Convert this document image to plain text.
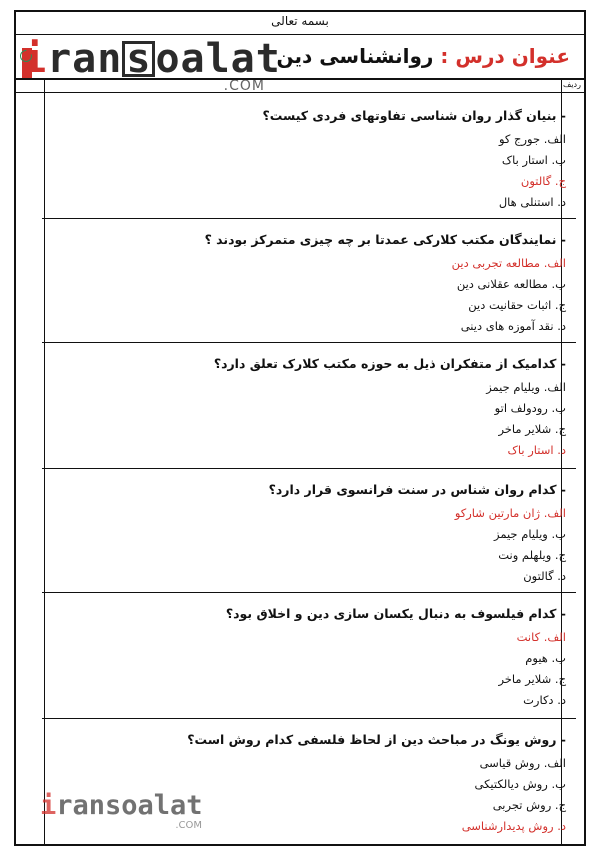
بسمه تعالی
iran s oalat
.COM
عنوان درس : روانشناسی دین
ردیف
- بنیان گذار روان شناسی تفاوتهای فردی کیست؟
الف. جورج کو
ب. استار باک
ج. گالتون
د. استنلی هال
- نمایندگان مکتب کلارکی عمدتا بر چه چیزی متمرکز بودند ؟
الف. مطالعه تجربی دین
ب. مطالعه عقلانی دین
ج. اثبات حقانیت دین
د. نقد آموزه های دینی
- کدامیک از متفکران ذیل به حوزه مکتب کلارک تعلق دارد؟
الف. ویلیام جیمز
ب. رودولف اتو
ج. شلایر ماخر
د. استار باک
- کدام روان شناس در سنت فرانسوی قرار دارد؟
الف. ژان مارتین شارکو
ب. ویلیام جیمز
ج. ویلهلم ونت
د. گالتون
- کدام فیلسوف به دنبال یکسان سازی دین و اخلاق بود؟
الف. کانت
ب. هیوم
ج. شلایر ماخر
د. دکارت
- روش یونگ در مباحث دین از لحاظ فلسفی کدام روش است؟
الف. روش قیاسی
ب. روش دیالکتیکی
ج. روش تجربی
د. روش پدیدارشناسی
iransoalat
.COM
